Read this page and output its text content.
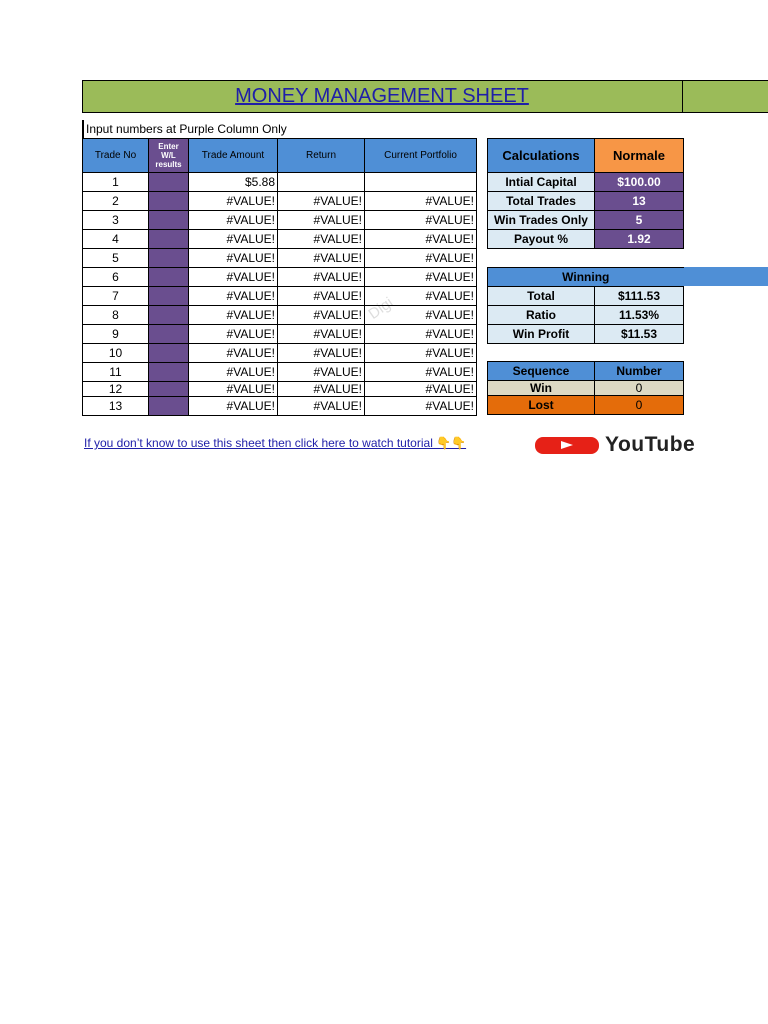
MONEY MANAGEMENT SHEET
Input numbers at Purple Column Only
Digi
Trade No	Enter W/L results	Trade Amount	Return	Current Portfolio
1		$5.88		
2		#VALUE!	#VALUE!	#VALUE!
3		#VALUE!	#VALUE!	#VALUE!
4		#VALUE!	#VALUE!	#VALUE!
5		#VALUE!	#VALUE!	#VALUE!
6		#VALUE!	#VALUE!	#VALUE!
7		#VALUE!	#VALUE!	#VALUE!
8		#VALUE!	#VALUE!	#VALUE!
9		#VALUE!	#VALUE!	#VALUE!
10		#VALUE!	#VALUE!	#VALUE!
11		#VALUE!	#VALUE!	#VALUE!
12		#VALUE!	#VALUE!	#VALUE!
13		#VALUE!	#VALUE!	#VALUE!
Calculations	Normale
Intial Capital	$100.00
Total Trades	13
Win Trades Only	5
Payout %	1.92
Winning	
Total	$111.53
Ratio	11.53%
Win Profit	$11.53
Sequence	Number
Win	0
Lost	0
If you don’t know to use this sheet then click here to watch tutorial 👇👇	YouTube
